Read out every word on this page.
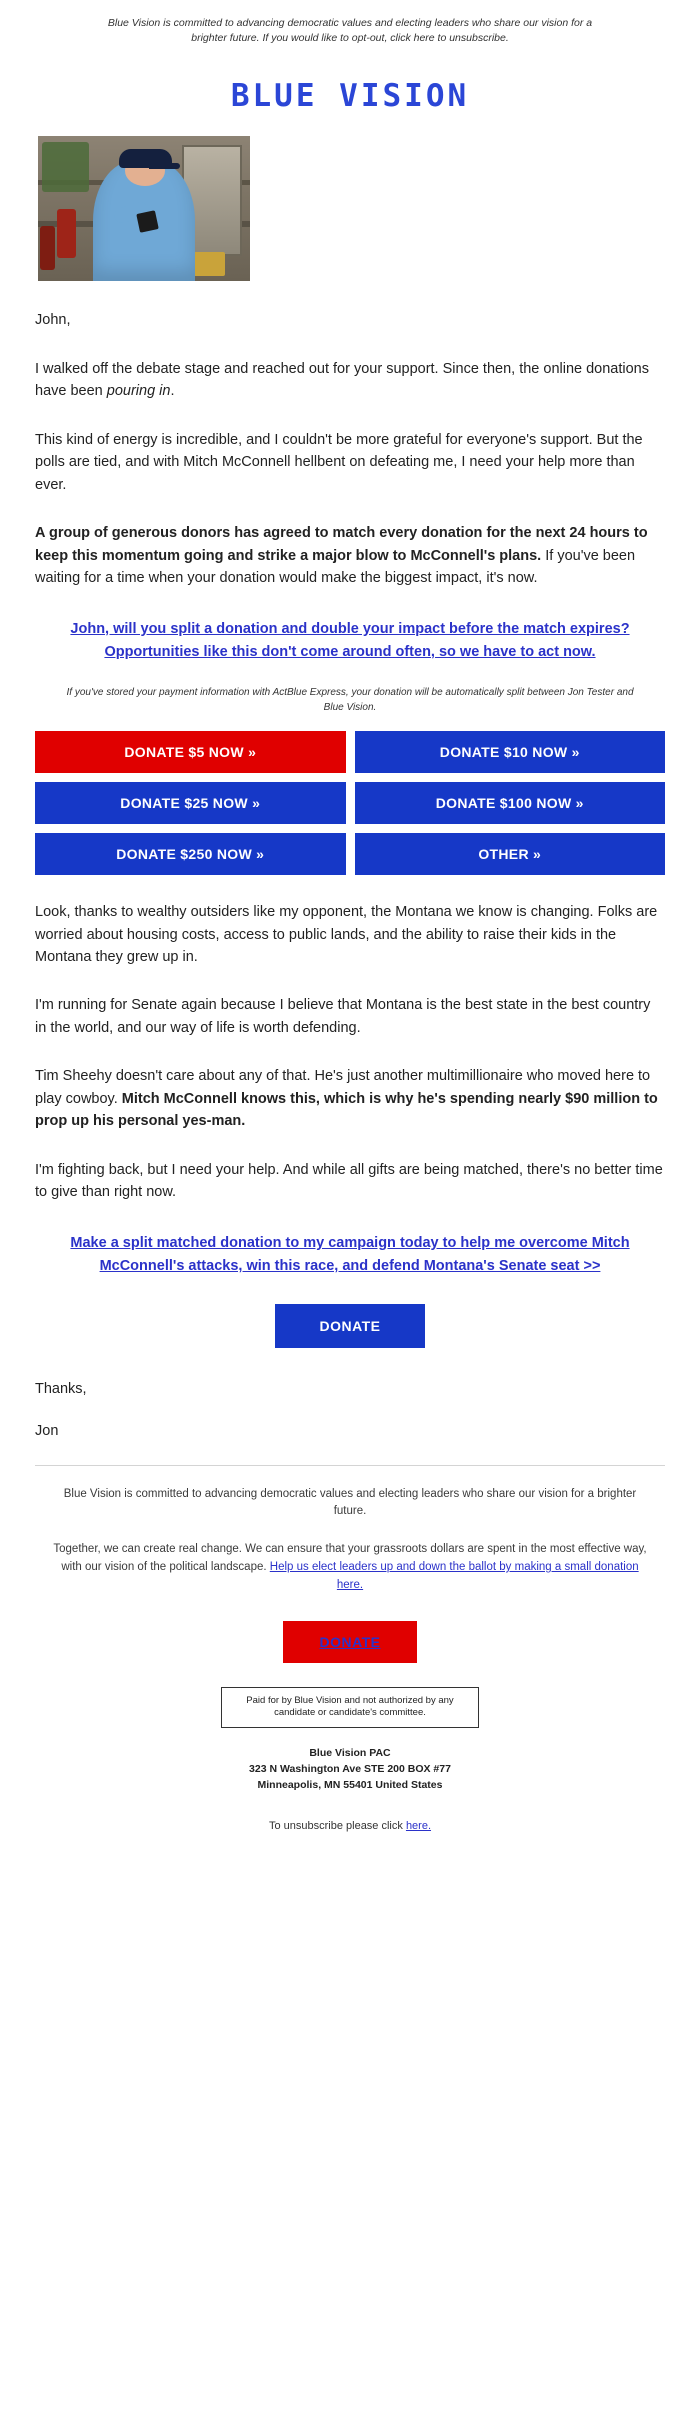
Blue Vision is committed to advancing democratic values and electing leaders who share our vision for a brighter future. If you would like to opt-out, click here to unsubscribe.
BLUE VISION

John,

I walked off the debate stage and reached out for your support. Since then, the online donations have been pouring in.

This kind of energy is incredible, and I couldn't be more grateful for everyone's support. But the polls are tied, and with Mitch McConnell hellbent on defeating me, I need your help more than ever.

A group of generous donors has agreed to match every donation for the next 24 hours to keep this momentum going and strike a major blow to McConnell's plans. If you've been waiting for a time when your donation would make the biggest impact, it's now.

John, will you split a donation and double your impact before the match expires? Opportunities like this don't come around often, so we have to act now.
If you've stored your payment information with ActBlue Express, your donation will be automatically split between Jon Tester and Blue Vision.
DONATE $5 NOW »	DONATE $10 NOW »
DONATE $25 NOW »	DONATE $100 NOW »
DONATE $250 NOW »	OTHER »

Look, thanks to wealthy outsiders like my opponent, the Montana we know is changing. Folks are worried about housing costs, access to public lands, and the ability to raise their kids in the Montana they grew up in.

I'm running for Senate again because I believe that Montana is the best state in the best country in the world, and our way of life is worth defending.

Tim Sheehy doesn't care about any of that. He's just another multimillionaire who moved here to play cowboy. Mitch McConnell knows this, which is why he's spending nearly $90 million to prop up his personal yes-man.

I'm fighting back, but I need your help. And while all gifts are being matched, there's no better time to give than right now.

Make a split matched donation to my campaign today to help me overcome Mitch McConnell's attacks, win this race, and defend Montana's Senate seat >>
DONATE

Thanks,

Jon

Blue Vision is committed to advancing democratic values and electing leaders who share our vision for a brighter future.

Together, we can create real change. We can ensure that your grassroots dollars are spent in the most effective way, with our vision of the political landscape. Help us elect leaders up and down the ballot by making a small donation here.

DONATE
Paid for by Blue Vision and not authorized by any candidate or candidate's committee.
Blue Vision PAC
323 N Washington Ave STE 200 BOX #77
Minneapolis, MN 55401 United States
To unsubscribe please click here.
